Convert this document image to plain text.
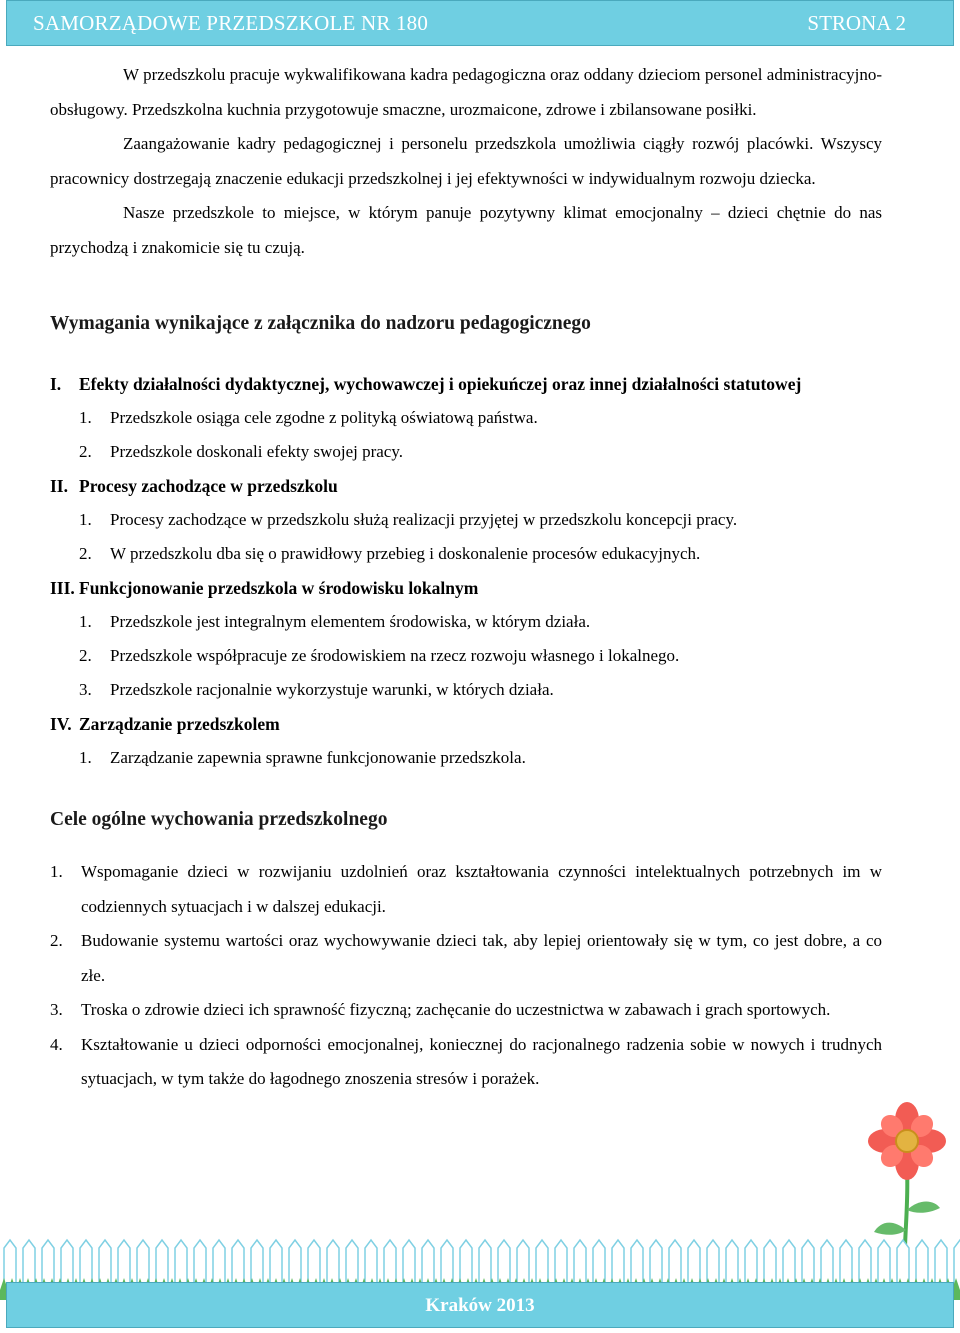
SAMORZĄDOWE PRZEDSZKOLE NR 180	STRONA 2

W przedszkolu pracuje wykwalifikowana kadra pedagogiczna oraz oddany dzieciom personel administracyjno- obsługowy. Przedszkolna kuchnia przygotowuje smaczne, urozmaicone, zdrowe i zbilansowane posiłki.

Zaangażowanie kadry pedagogicznej i personelu przedszkola umożliwia ciągły rozwój placówki. Wszyscy pracownicy dostrzegają znaczenie edukacji przedszkolnej i jej efektywności w indywidualnym rozwoju dziecka.

Nasze przedszkole to miejsce, w którym panuje pozytywny klimat emocjonalny – dzieci chętnie do nas przychodzą i znakomicie się tu czują.

Wymagania wynikające z załącznika do nadzoru pedagogicznego
I.	Efekty działalności dydaktycznej, wychowawczej i opiekuńczej oraz innej działalności statutowej
1.	Przedszkole osiąga cele zgodne z polityką oświatową państwa.
2.	Przedszkole doskonali efekty swojej pracy.
II. Procesy zachodzące w przedszkolu
1.	Procesy zachodzące w przedszkolu służą realizacji przyjętej w przedszkolu koncepcji pracy.
2.	W przedszkolu dba się o prawidłowy przebieg i doskonalenie procesów edukacyjnych.
III. Funkcjonowanie przedszkola w środowisku lokalnym
1.	Przedszkole jest integralnym elementem środowiska, w którym działa.
2.	Przedszkole współpracuje ze środowiskiem na rzecz rozwoju własnego i lokalnego.
3.	Przedszkole racjonalnie wykorzystuje warunki, w których działa.
IV. Zarządzanie przedszkolem
1.	Zarządzanie zapewnia sprawne funkcjonowanie przedszkola.
Cele ogólne wychowania przedszkolnego
1.	Wspomaganie dzieci w rozwijaniu uzdolnień oraz kształtowania czynności intelektualnych potrzebnych im w codziennych sytuacjach i w dalszej edukacji.
2.	Budowanie systemu wartości oraz wychowywanie dzieci tak, aby lepiej orientowały się w tym, co jest dobre, a co złe.
3.	Troska o zdrowie dzieci ich sprawność fizyczną; zachęcanie do uczestnictwa w zabawach i grach sportowych.
4.	Kształtowanie u dzieci odporności emocjonalnej, koniecznej do racjonalnego radzenia sobie w nowych i trudnych sytuacjach, w tym także do łagodnego znoszenia stresów i porażek.
Kraków 2013
